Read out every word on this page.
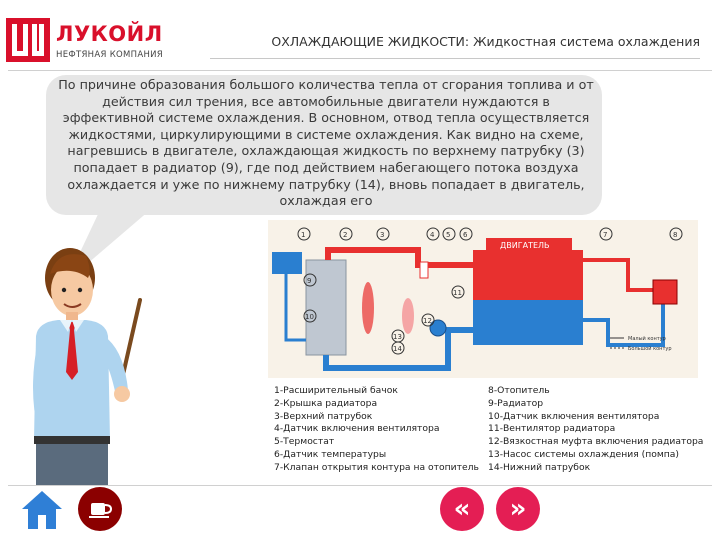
ЛУКОЙЛ
НЕФТЯНАЯ КОМПАНИЯ
ОХЛАЖДАЮЩИЕ ЖИДКОСТИ: Жидкостная система охлаждения

По причине образования большого количества тепла от сгорания топлива и от действия сил трения, все автомобильные двигатели нуждаются в эффективной системе охлаждения. В основном, отвод тепла осуществляется жидкостями, циркулирующими в системе охлаждения. Как видно на схеме, нагревшись в двигателе, охлаждающая жидкость по верхнему патрубку (3) попадает в радиатор (9), где под действием набегающего потока воздуха охлаждается и уже по нижнему патрубку (14), вновь попадает в двигатель, охлаждая его

ДВИГАТЕЛЬ
1	2	3	4 5 6	7	8
9
10
11
12
13
14
Малый контур
Большой контур
1-Расширительный бачок
2-Крышка радиатора
3-Верхний патрубок
4-Датчик включения вентилятора
5-Термостат
6-Датчик температуры
7-Клапан открытия контура на отопитель
8-Отопитель
9-Радиатор
10-Датчик включения вентилятора
11-Вентилятор радиатора
12-Вязкостная муфта включения радиатора
13-Насос системы охлаждения (помпа)
14-Нижний патрубок
«	»
